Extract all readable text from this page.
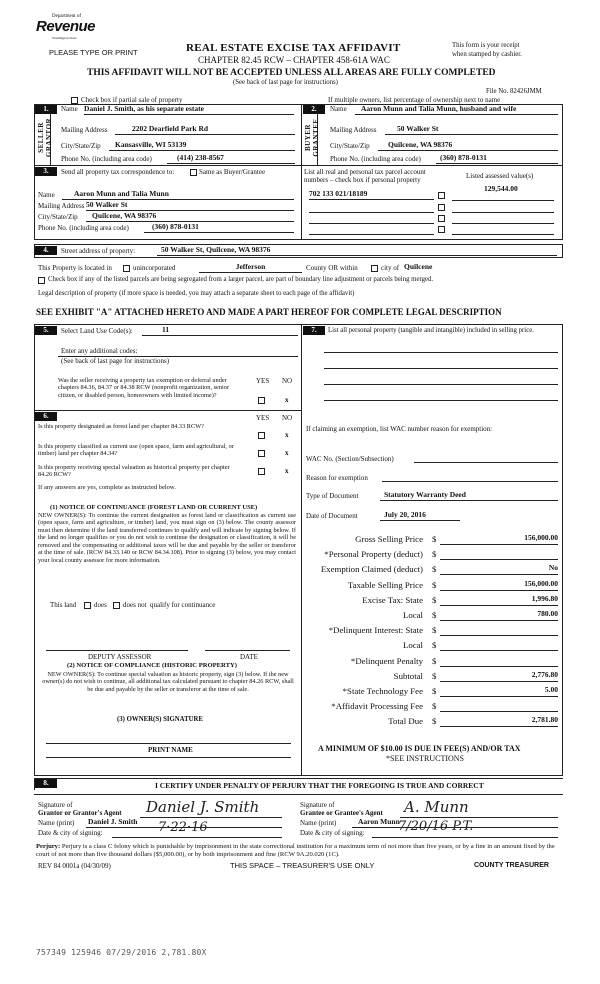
Department of
Revenue
Washington State
PLEASE TYPE OR PRINT	REAL ESTATE EXCISE TAX AFFIDAVIT
CHAPTER 82.45 RCW – CHAPTER 458-61A WAC
THIS AFFIDAVIT WILL NOT BE ACCEPTED UNLESS ALL AREAS ARE FULLY COMPLETED
(See back of last page for instructions)
This form is your receipt
when stamped by cashier.
File No. 82426JMM
Check box if partial sale of property	If multiple owners, list percentage of ownership next to name
1.
SELLER GRANTOR
Name Daniel J. Smith, as his separate estate
Mailing Address	2202 Dearfield Park Rd
City/State/Zip	Kansasville, WI 53139
Phone No. (including area code)	(414) 238-8567
2.
BUYER GRANTEE
Name	Aaron Munn and Talia Munn, husband and wife
Mailing Address	50 Walker St
City/State/Zip	Quilcene, WA 98376
Phone No. (including area code)	(360) 878-0131
3.	Send all property tax correspondence to:	Same as Buyer/Grantee
Name	Aaron Munn and Talia Munn
Mailing Address 50 Walker St
City/State/Zip	Quilcene, WA 98376
Phone No. (including area code)	(360) 878-0131
List all real and personal tax parcel account
numbers – check box if personal property	Listed assessed value(s)
129,544.00
702 133 021/18189
4.	Street address of property:	50 Walker St, Quilcene, WA 98376
This Property is located in	unincorporated	Jefferson	County OR within	city of Quilcene
Check box if any of the listed parcels are being segregated from a larger parcel, are part of boundary line adjustment or parcels being merged.
Legal description of property (if more space is needed, you may attach a separate sheet to each page of the affidavit)
SEE EXHIBIT "A" ATTACHED HERETO AND MADE A PART HEREOF FOR COMPLETE LEGAL DESCRIPTION
5.	Select Land Use Code(s):	11
Enter any additional codes:
(See back of last page for instructions)
YES NO
Was the seller receiving a property tax exemption or deferral under chapters 84.36, 84.37 or 84.38 RCW (nonprofit organization, senior citizen, or disabled person, homeowners with limited income)?
x
6.	YES NO
Is this property designated as forest land per chapter 84.33 RCW?
x
Is this property classified as current use (open space, farm and agricultural, or timber) land per chapter 84.34?	x
Is this property receiving special valuation as historical property per chapter 84.26 RCW?	x
If any answers are yes, complete as instructed below.
(1) NOTICE OF CONTINUANCE (FOREST LAND OR CURRENT USE)
NEW OWNER(S): To continue the current designation as forest land or classification as current use (open space, farm and agriculture, or timber) land, you must sign on (3) below. The county assessor must then determine if the land transferred continues to qualify and will indicate by signing below. If the land no longer qualifies or you do not wish to continue the designation or classification, it will be removed and the compensating or additional taxes will be due and payable by the seller or transferor at the time of sale. (RCW 84.33.140 or RCW 84.34.108). Prior to signing (3) below, you may contact your local county assessor for more information.
This land	does does not qualify for continuance
DEPUTY ASSESSOR	DATE
(2) NOTICE OF COMPLIANCE (HISTORIC PROPERTY)
NEW OWNER(S): To continue special valuation as historic property, sign (3) below. If the new owner(s) do not wish to continue, all additional tax calculated pursuant to chapter 84.26 RCW, shall be due and payable by the seller or transferor at the time of sale.
(3) OWNER(S) SIGNATURE
PRINT NAME
7.	List all personal property (tangible and intangible) included in selling price.
If claiming an exemption, list WAC number reason for exemption:
WAC No. (Section/Subsection)
Reason for exemption
Type of Document	Statutory Warranty Deed
Date of Document	July 20, 2016
Gross Selling Price $	156,000.00
*Personal Property (deduct) $
Exemption Claimed (deduct) $	No
Taxable Selling Price $	156,000.00
Excise Tax: State $	1,996.80
Local $	780.00
*Delinquent Interest: State $
Local $
*Delinquent Penalty $
Subtotal $	2,776.80
*State Technology Fee $	5.00
*Affidavit Processing Fee $
Total Due $	2,781.80
A MINIMUM OF $10.00 IS DUE IN FEE(S) AND/OR TAX
*SEE INSTRUCTIONS
8.	I CERTIFY UNDER PENALTY OF PERJURY THAT THE FOREGOING IS TRUE AND CORRECT
Signature of
Grantor or Grantor's Agent Daniel J. Smith
Name (print) Daniel J. Smith
Date & city of signing:	7·22·16
Signature of
Grantee or Grantee's Agent A. Munn
Name (print)	Aaron Munn
Date & city of signing:	7/20/16 P.T.
Perjury: Perjury is a class C felony which is punishable by imprisonment in the state correctional institution for a maximum term of not more than five years, or by a fine in an amount fixed by the court of not more than five thousand dollars ($5,000.00), or by both imprisonment and fine (RCW 9A.20.020 (1C).
REV 84 0001a (04/30/09)	THIS SPACE – TREASURER'S USE ONLY	COUNTY TREASURER
757349 125946 07/29/2016 2,781.80X
